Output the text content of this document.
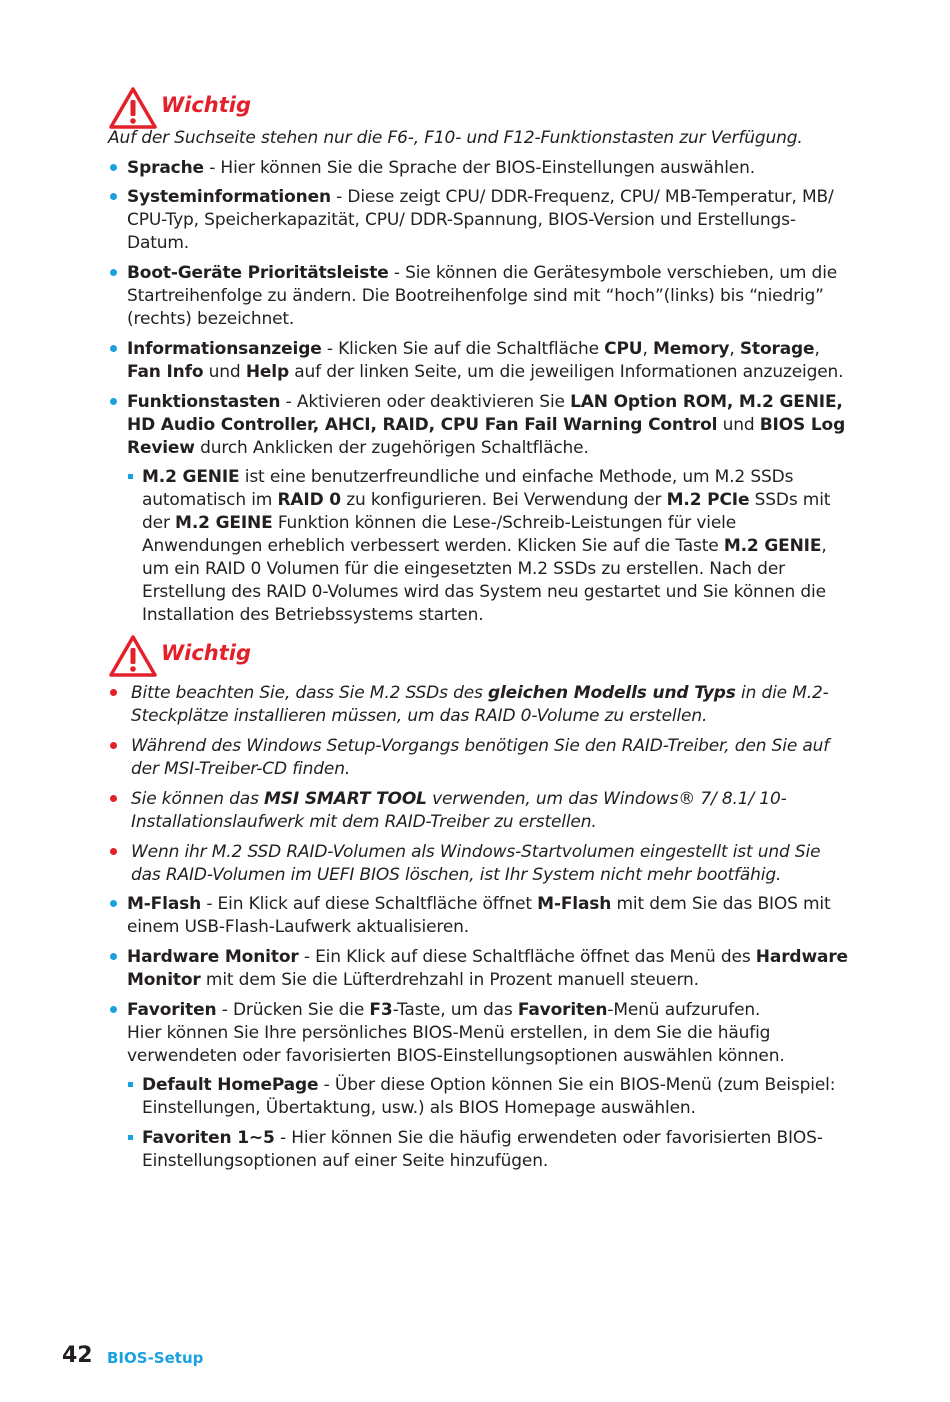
Wichtig
Auf der Suchseite stehen nur die F6-, F10- und F12-Funktionstasten zur Verfügung.
Sprache - Hier können Sie die Sprache der BIOS-Einstellungen auswählen.
Systeminformationen - Diese zeigt CPU/ DDR-Frequenz, CPU/ MB-Temperatur, MB/ CPU-Typ, Speicherkapazität, CPU/ DDR-Spannung, BIOS-Version und Erstellungs-Datum.
Boot-Geräte Prioritätsleiste - Sie können die Gerätesymbole verschieben, um die Startreihenfolge zu ändern. Die Bootreihenfolge sind mit “hoch”(links) bis “niedrig” (rechts) bezeichnet.
Informationsanzeige - Klicken Sie auf die Schaltfläche CPU, Memory, Storage, Fan Info und Help auf der linken Seite, um die jeweiligen Informationen anzuzeigen.
Funktionstasten - Aktivieren oder deaktivieren Sie LAN Option ROM, M.2 GENIE, HD Audio Controller, AHCI, RAID, CPU Fan Fail Warning Control und BIOS Log Review durch Anklicken der zugehörigen Schaltfläche.
M.2 GENIE ist eine benutzerfreundliche und einfache Methode, um M.2 SSDs automatisch im RAID 0 zu konfigurieren. Bei Verwendung der M.2 PCIe SSDs mit der M.2 GEINE Funktion können die Lese-/Schreib-Leistungen für viele Anwendungen erheblich verbessert werden. Klicken Sie auf die Taste M.2 GENIE, um ein RAID 0 Volumen für die eingesetzten M.2 SSDs zu erstellen. Nach der Erstellung des RAID 0-Volumes wird das System neu gestartet und Sie können die Installation des Betriebssystems starten.
Wichtig
Bitte beachten Sie, dass Sie M.2 SSDs des gleichen Modells und Typs in die M.2-Steckplätze installieren müssen, um das RAID 0-Volume zu erstellen.
Während des Windows Setup-Vorgangs benötigen Sie den RAID-Treiber, den Sie auf der MSI-Treiber-CD finden.
Sie können das MSI SMART TOOL verwenden, um das Windows® 7/ 8.1/ 10-Installationslaufwerk mit dem RAID-Treiber zu erstellen.
Wenn ihr M.2 SSD RAID-Volumen als Windows-Startvolumen eingestellt ist und Sie das RAID-Volumen im UEFI BIOS löschen, ist Ihr System nicht mehr bootfähig.
M-Flash - Ein Klick auf diese Schaltfläche öffnet M-Flash mit dem Sie das BIOS mit einem USB-Flash-Laufwerk aktualisieren.
Hardware Monitor - Ein Klick auf diese Schaltfläche öffnet das Menü des Hardware Monitor mit dem Sie die Lüfterdrehzahl in Prozent manuell steuern.
Favoriten - Drücken Sie die F3-Taste, um das Favoriten-Menü aufzurufen.
Hier können Sie Ihre persönliches BIOS-Menü erstellen, in dem Sie die häufig verwendeten oder favorisierten BIOS-Einstellungsoptionen auswählen können.
Default HomePage - Über diese Option können Sie ein BIOS-Menü (zum Beispiel: Einstellungen, Übertaktung, usw.) als BIOS Homepage auswählen.
Favoriten 1~5 - Hier können Sie die häufig erwendeten oder favorisierten BIOS-Einstellungsoptionen auf einer Seite hinzufügen.
42 BIOS-Setup
